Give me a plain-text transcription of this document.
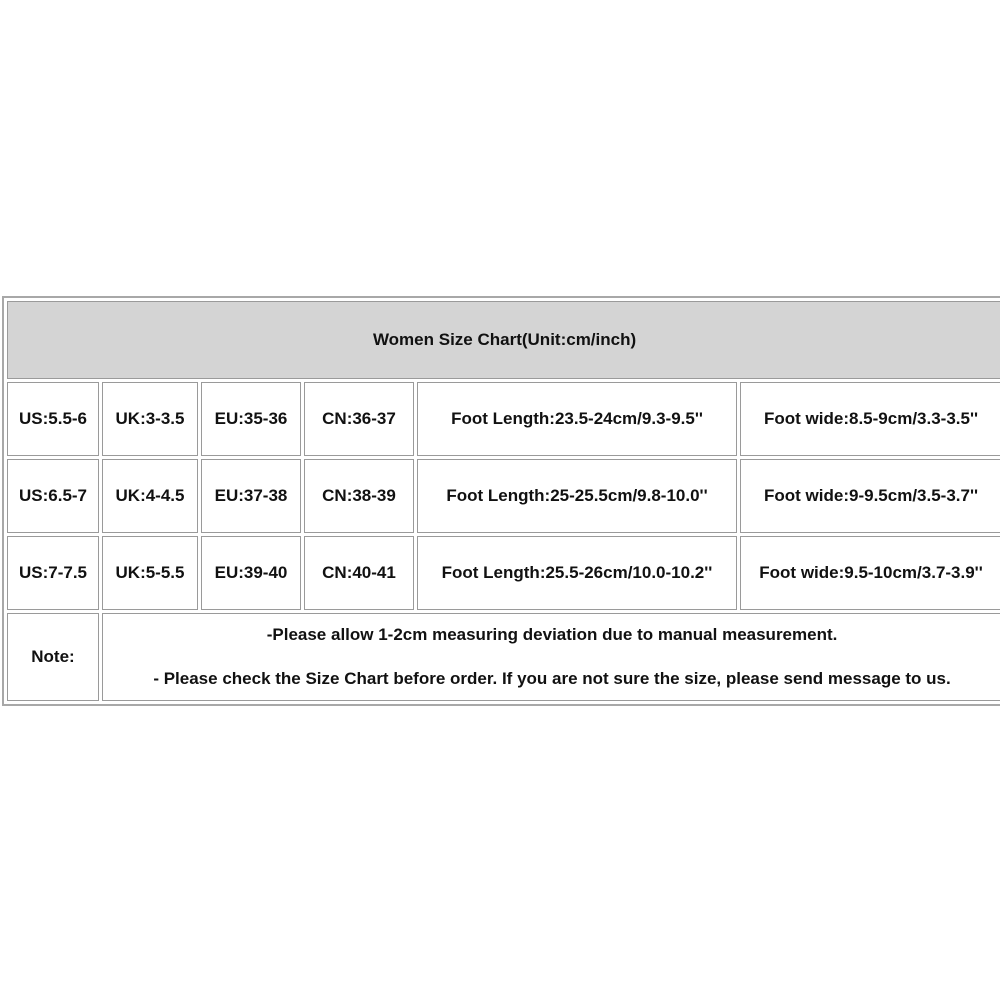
Women Size Chart(Unit:cm/inch)					
US:5.5-6	UK:3-3.5	EU:35-36	CN:36-37	Foot Length:23.5-24cm/9.3-9.5''	Foot wide:8.5-9cm/3.3-3.5''
US:6.5-7	UK:4-4.5	EU:37-38	CN:38-39	Foot Length:25-25.5cm/9.8-10.0''	Foot wide:9-9.5cm/3.5-3.7''
US:7-7.5	UK:5-5.5	EU:39-40	CN:40-41	Foot Length:25.5-26cm/10.0-10.2''	Foot wide:9.5-10cm/3.7-3.9''
Note:	-Please allow 1-2cm measuring deviation due to manual measurement.
- Please check the Size Chart before order. If you are not sure the size, please send message to us.				
